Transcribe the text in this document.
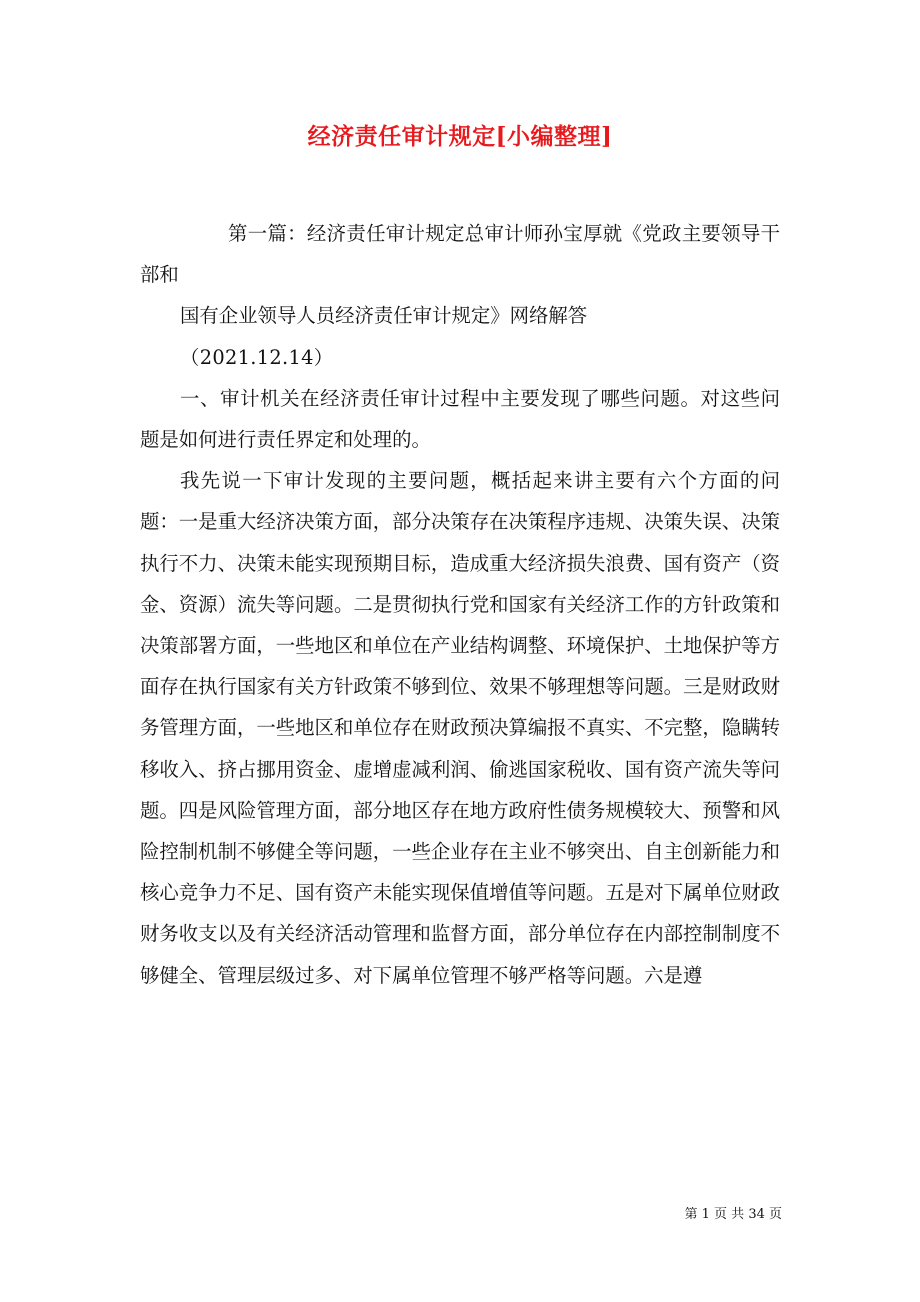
经济责任审计规定[小编整理]

第一篇：经济责任审计规定总审计师孙宝厚就《党政主要领导干部和

国有企业领导人员经济责任审计规定》网络解答

（2021.12.14）

一、审计机关在经济责任审计过程中主要发现了哪些问题。对这些问题是如何进行责任界定和处理的。

我先说一下审计发现的主要问题，概括起来讲主要有六个方面的问题：一是重大经济决策方面，部分决策存在决策程序违规、决策失误、决策执行不力、决策未能实现预期目标，造成重大经济损失浪费、国有资产（资金、资源）流失等问题。二是贯彻执行党和国家有关经济工作的方针政策和决策部署方面，一些地区和单位在产业结构调整、环境保护、土地保护等方面存在执行国家有关方针政策不够到位、效果不够理想等问题。三是财政财务管理方面，一些地区和单位存在财政预决算编报不真实、不完整，隐瞒转移收入、挤占挪用资金、虚增虚减利润、偷逃国家税收、国有资产流失等问题。四是风险管理方面，部分地区存在地方政府性债务规模较大、预警和风险控制机制不够健全等问题，一些企业存在主业不够突出、自主创新能力和核心竞争力不足、国有资产未能实现保值增值等问题。五是对下属单位财政财务收支以及有关经济活动管理和监督方面，部分单位存在内部控制制度不够健全、管理层级过多、对下属单位管理不够严格等问题。六是遵

第 1 页 共 34 页
